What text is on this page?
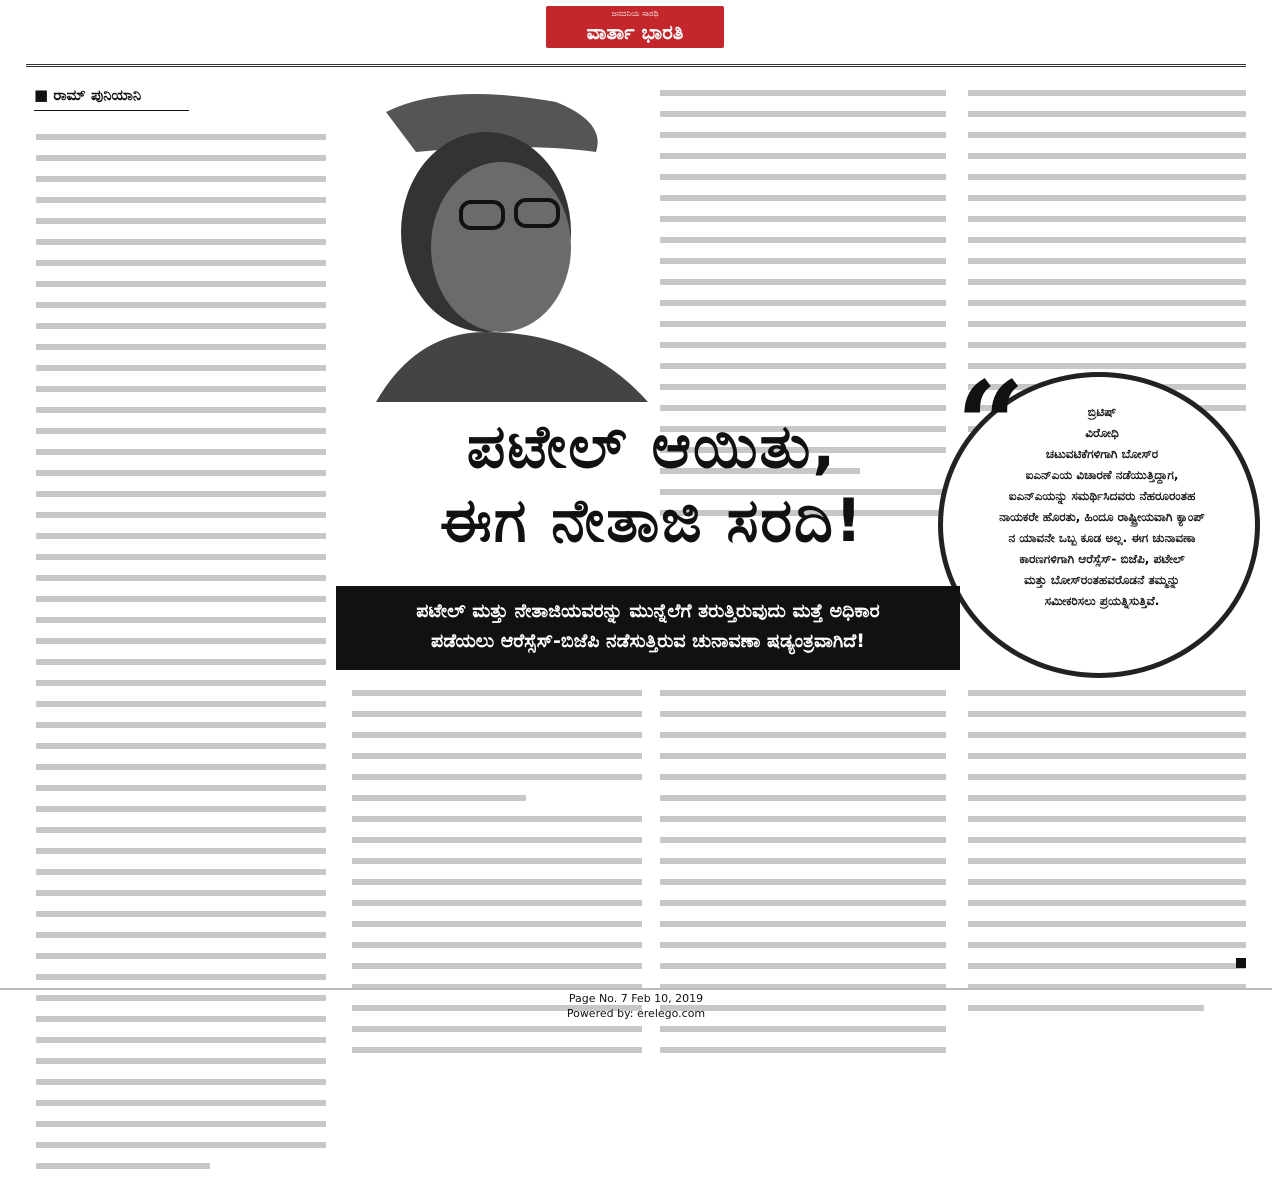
ಜನದನಿಯ ಸಾರಥಿ
ವಾರ್ತಾ ಭಾರತಿ
■ ರಾಮ್ ಪುನಿಯಾನಿ
ಪಟೇಲ್ ಆಯಿತು,
ಈಗ ನೇತಾಜಿ ಸರದಿ!
“	ಬ್ರಿಟಿಷ್
ವಿರೋಧಿ
ಚಟುವಟಿಕೆಗಳಿಗಾಗಿ ಬೋಸ್‌ರ
ಐಎನ್‌ಎಯ ವಿಚಾರಣೆ ನಡೆಯುತ್ತಿದ್ದಾಗ,
ಐಎನ್‌ಎಯನ್ನು ಸಮರ್ಥಿಸಿದವರು ನೆಹರೂರಂತಹ
ನಾಯಕರೇ ಹೊರತು, ಹಿಂದೂ ರಾಷ್ಟ್ರೀಯವಾಗಿ ಕ್ಯಾಂಪ್
ನ ಯಾವನೇ ಒಬ್ಬ ಕೂಡ ಅಲ್ಲ. ಈಗ ಚುನಾವಣಾ
ಕಾರಣಗಳಿಗಾಗಿ ಆರೆಸ್ಸೆಸ್- ಬಿಜೆಪಿ, ಪಟೇಲ್
ಮತ್ತು ಬೋಸ್‌ರಂತಹವರೊಡನೆ ತಮ್ಮನ್ನು
ಸಮೀಕರಿಸಲು ಪ್ರಯತ್ನಿಸುತ್ತಿವೆ.
ಪಟೇಲ್ ಮತ್ತು ನೇತಾಜಿಯವರನ್ನು ಮುನ್ನೆಲೆಗೆ ತರುತ್ತಿರುವುದು ಮತ್ತೆ ಅಧಿಕಾರ
ಪಡೆಯಲು ಆರೆಸ್ಸೆಸ್-ಬಿಜೆಪಿ ನಡೆಸುತ್ತಿರುವ ಚುನಾವಣಾ ಷಡ್ಯಂತ್ರವಾಗಿದೆ!
Page No. 7 Feb 10, 2019
Powered by: erelego.com
